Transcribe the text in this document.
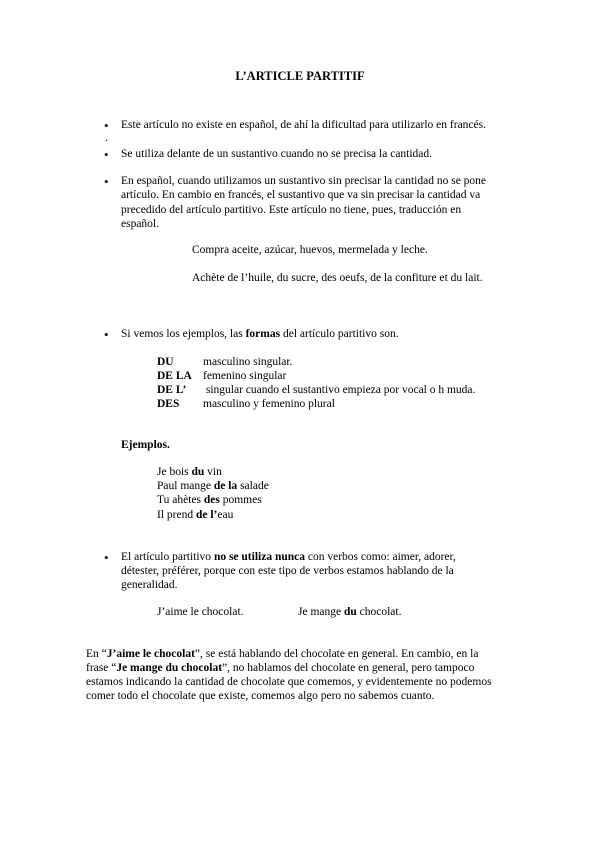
L’ARTICLE PARTITIF
• Este artículo no existe en español, de ahí la dificultad para utilizarlo en francés.
.
• Se utiliza delante de un sustantivo cuando no se precisa la cantidad.
• En español, cuando utilizamos un sustantivo sin precisar la cantidad no se pone
artículo. En cambio en francés, el sustantivo que va sin precisar la cantidad va
precedido del artículo partitivo. Este artículo no tiene, pues, traducción en
español.
Compra aceite, azúcar, huevos, mermelada y leche.
Achète de l’huile, du sucre, des oeufs, de la confiture et du lait.
• Si vemos los ejemplos, las formas del artículo partitivo son.
DU	masculino singular.
DE LA femenino singular
DE L’ singular cuando el sustantivo empieza por vocal o h muda.
DES masculino y femenino plural
Ejemplos.
Je bois du vin
Paul mange de la salade
Tu ahètes des pommes
Il prend de l’eau
• El artículo partitivo no se utiliza nunca con verbos como: aimer, adorer,
détester, préférer, porque con este tipo de verbos estamos hablando de la
generalidad.
J’aime le chocolat.	Je mange du chocolat.
En “J’aime le chocolat”, se está hablando del chocolate en general. En cambio, en la
frase “Je mange du chocolat”, no hablamos del chocolate en general, pero tampoco
estamos indicando la cantidad de chocolate que comemos, y evidentemente no podemos
comer todo el chocolate que existe, comemos algo pero no sabemos cuanto.
